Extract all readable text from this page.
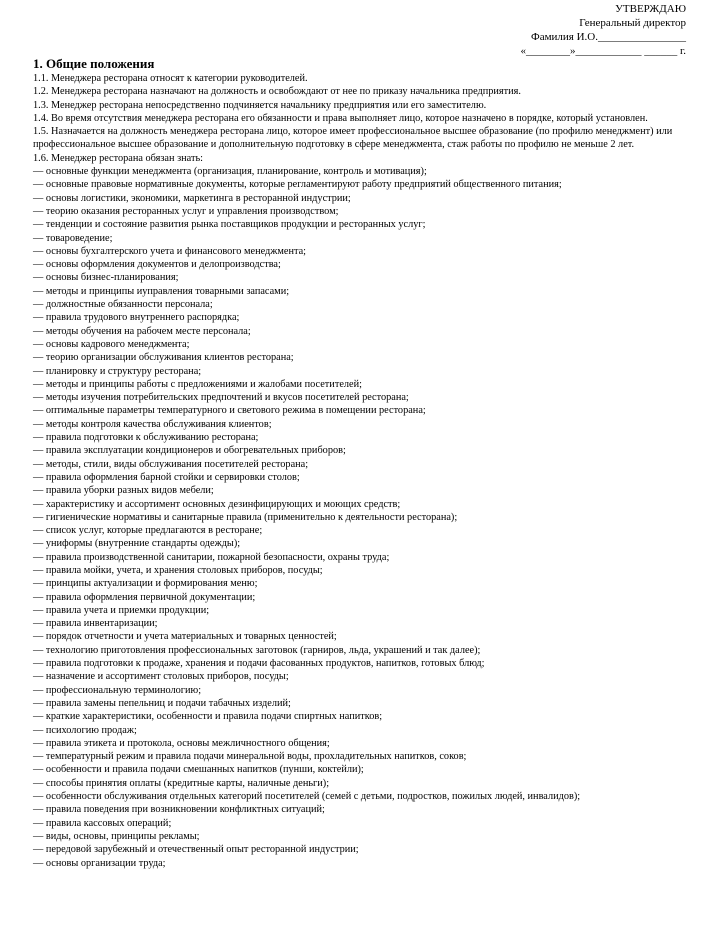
УТВЕРЖДАЮ
Генеральный директор
Фамилия И.О.________________
«________»____________ ______ г.
1. Общие положения
1.1. Менеджера ресторана относят к категории руководителей.
1.2. Менеджера ресторана назначают на должность и освобождают от нее по приказу начальника предприятия.
1.3. Менеджер ресторана непосредственно подчиняется начальнику предприятия или его заместителю.
1.4. Во время отсутствия менеджера ресторана его обязанности и права выполняет лицо, которое назначено в порядке, который установлен.
1.5. Назначается на должность менеджера ресторана лицо, которое имеет профессиональное высшее образование (по профилю менеджмент) или профессиональное высшее образование и дополнительную подготовку в сфере менеджмента, стаж работы по профилю не меньше 2 лет.
1.6. Менеджер ресторана обязан знать:
— основные функции менеджмента (организация, планирование, контроль и мотивация);
— основные правовые нормативные документы, которые регламентируют работу предприятий общественного питания;
— основы логистики, экономики, маркетинга в ресторанной индустрии;
— теорию оказания ресторанных услуг и управления производством;
— тенденции и состояние развития рынка поставщиков продукции и ресторанных услуг;
— товароведение;
— основы бухгалтерского учета и финансового менеджмента;
— основы оформления документов и делопроизводства;
— основы бизнес-планирования;
— методы и принципы иуправления товарными запасами;
— должностные обязанности персонала;
— правила трудового внутреннего распорядка;
— методы обучения на рабочем месте персонала;
— основы кадрового менеджмента;
— теорию организации обслуживания клиентов ресторана;
— планировку и структуру ресторана;
— методы и принципы работы с предложениями и жалобами посетителей;
— методы изучения потребительских предпочтений и вкусов посетителей ресторана;
— оптимальные параметры температурного и светового режима в помещении ресторана;
— методы контроля качества обслуживания клиентов;
— правила подготовки к обслуживанию ресторана;
— правила эксплуатации кондиционеров и обогревательных приборов;
— методы, стили, виды обслуживания посетителей ресторана;
— правила оформления барной стойки и сервировки столов;
— правила уборки разных видов мебели;
— характеристику и ассортимент основных дезинфицирующих и моющих средств;
— гигиенические нормативы и санитарные правила (применительно к деятельности ресторана);
— список услуг, которые предлагаются в ресторане;
— униформы (внутренние стандарты одежды);
— правила производственной санитарии, пожарной безопасности, охраны труда;
— правила мойки, учета, и хранения столовых приборов, посуды;
— принципы актуализации и формирования меню;
— правила оформления первичной документации;
— правила учета и приемки продукции;
— правила инвентаризации;
— порядок отчетности и учета материальных и товарных ценностей;
— технологию приготовления профессиональных заготовок (гарниров, льда, украшений и так далее);
— правила подготовки к продаже, хранения и подачи фасованных продуктов, напитков, готовых блюд;
— назначение и ассортимент столовых приборов, посуды;
— профессиональную терминологию;
— правила замены пепельниц и подачи табачных изделий;
— краткие характеристики, особенности и правила подачи спиртных напитков;
— психологию продаж;
— правила этикета и протокола, основы межличностного общения;
— температурный режим и правила подачи минеральной воды, прохладительных напитков, соков;
— особенности и правила подачи смешанных напитков (пунши, коктейли);
— способы принятия оплаты (кредитные карты, наличные деньги);
— особенности обслуживания отдельных категорий посетителей (семей с детьми, подростков, пожилых людей, инвалидов);
— правила поведения при возникновении конфликтных ситуаций;
— правила кассовых операций;
— виды, основы, принципы рекламы;
— передовой зарубежный и отечественный опыт ресторанной индустрии;
— основы организации труда;
